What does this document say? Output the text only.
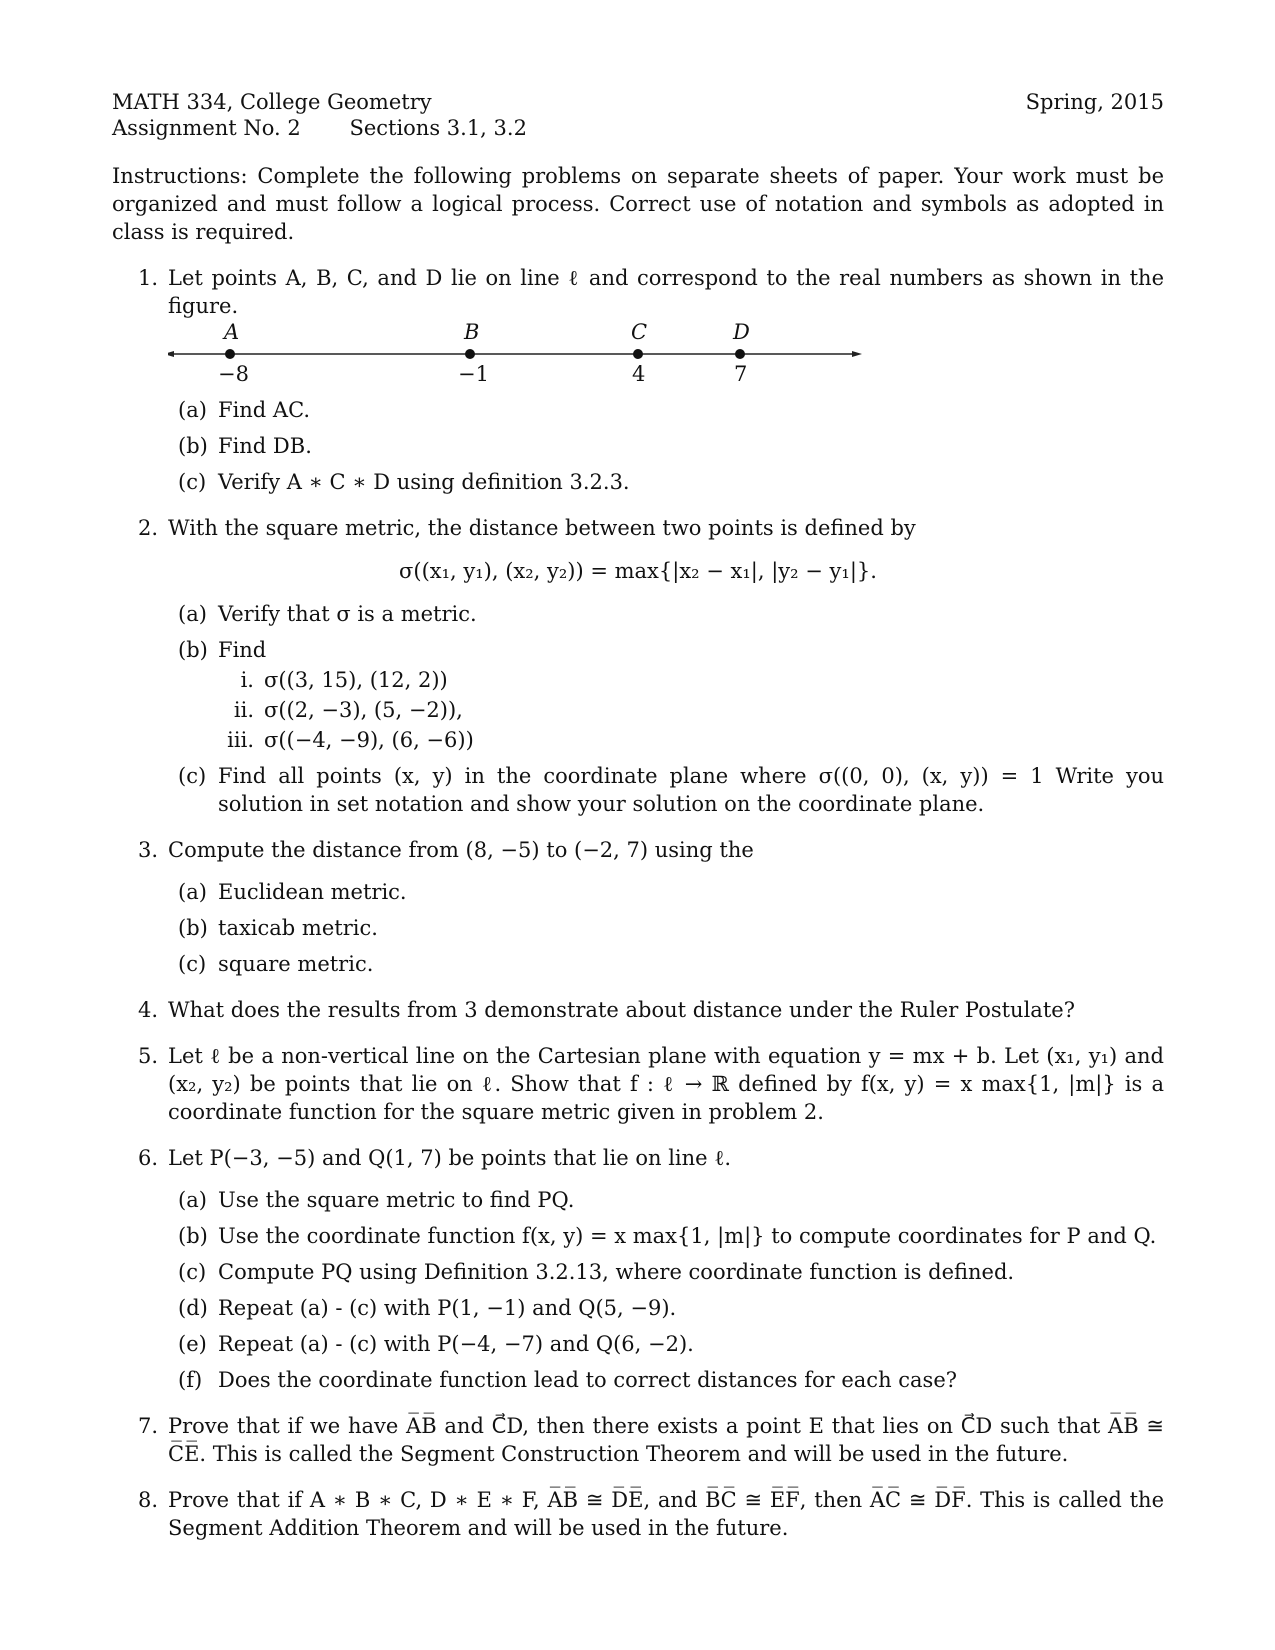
MATH 334, College Geometry	Spring, 2015
Assignment No. 2 Sections 3.1, 3.2
Instructions: Complete the following problems on separate sheets of paper. Your work must be organized and must follow a logical process. Correct use of notation and symbols as adopted in class is required.
1. Let points A, B, C, and D lie on line ℓ and correspond to the real numbers as shown in the figure.
A	B	C	D
−8	−1	4	7
(a) Find AC.
(b) Find DB.
(c) Verify A ∗ C ∗ D using definition 3.2.3.
2. With the square metric, the distance between two points is defined by
σ((x₁, y₁), (x₂, y₂)) = max{|x₂ − x₁|, |y₂ − y₁|}.
(a) Verify that σ is a metric.
(b) Find
i. σ((3, 15), (12, 2))
ii. σ((2, −3), (5, −2)),
iii. σ((−4, −9), (6, −6))
(c) Find all points (x, y) in the coordinate plane where σ((0, 0), (x, y)) = 1 Write you solution in set notation and show your solution on the coordinate plane.
3. Compute the distance from (8, −5) to (−2, 7) using the
(a) Euclidean metric.
(b) taxicab metric.
(c) square metric.
4. What does the results from 3 demonstrate about distance under the Ruler Postulate?
5. Let ℓ be a non-vertical line on the Cartesian plane with equation y = mx + b. Let (x₁, y₁) and (x₂, y₂) be points that lie on ℓ. Show that f : ℓ → ℝ defined by f(x, y) = x max{1, |m|} is a coordinate function for the square metric given in problem 2.
6. Let P(−3, −5) and Q(1, 7) be points that lie on line ℓ.
(a) Use the square metric to find PQ.
(b) Use the coordinate function f(x, y) = x max{1, |m|} to compute coordinates for P and Q.
(c) Compute PQ using Definition 3.2.13, where coordinate function is defined.
(d) Repeat (a) - (c) with P(1, −1) and Q(5, −9).
(e) Repeat (a) - (c) with P(−4, −7) and Q(6, −2).
(f) Does the coordinate function lead to correct distances for each case?
7. Prove that if we have A̅B̅ and C⃗D, then there exists a point E that lies on C⃗D such that A̅B̅ ≅ C̅E̅. This is called the Segment Construction Theorem and will be used in the future.
8. Prove that if A ∗ B ∗ C, D ∗ E ∗ F, A̅B̅ ≅ D̅E̅, and B̅C̅ ≅ E̅F̅, then A̅C̅ ≅ D̅F̅. This is called the Segment Addition Theorem and will be used in the future.
